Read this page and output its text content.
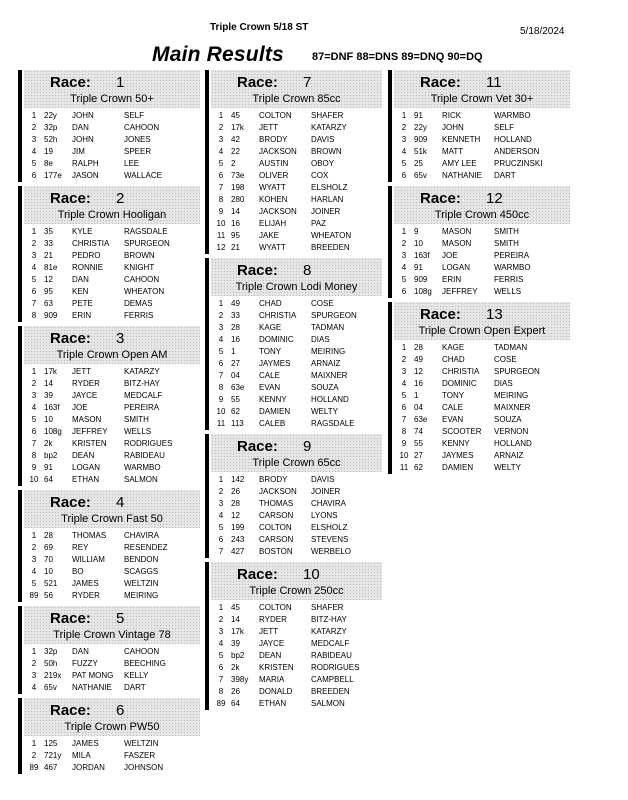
Triple Crown 5/18 ST	5/18/2024
Main Results	87=DNF 88=DNS 89=DNQ 90=DQ
Race: 1
Triple Crown 50+
1	22y	JOHN	SELF
2	32p	DAN	CAHOON
3	52h	JOHN	JONES
4	19	JIM	SPEER
5	8e	RALPH	LEE
6	177e	JASON	WALLACE
Race: 2
Triple Crown Hooligan
1	35	KYLE	RAGSDALE
2	33	CHRISTIA	SPURGEON
3	21	PEDRO	BROWN
4	81e	RONNIE	KNIGHT
5	12	DAN	CAHOON
6	95	KEN	WHEATON
7	63	PETE	DEMAS
8	909	ERIN	FERRIS
Race: 3
Triple Crown Open AM
1	17k	JETT	KATARZY
2	14	RYDER	BITZ-HAY
3	39	JAYCE	MEDCALF
4	163f	JOE	PEREIRA
5	10	MASON	SMITH
6	108g	JEFFREY	WELLS
7	2k	KRISTEN	RODRIGUES
8	bp2	DEAN	RABIDEAU
9	91	LOGAN	WARMBO
10	64	ETHAN	SALMON
Race: 4
Triple Crown Fast 50
1	28	THOMAS	CHAVIRA
2	69	REY	RESENDEZ
3	70	WILLIAM	BENDON
4	10	BO	SCAGGS
5	521	JAMES	WELTZIN
89	56	RYDER	MEIRING
Race: 5
Triple Crown Vintage 78
1	32p	DAN	CAHOON
2	50h	FUZZY	BEECHING
3	219x	PAT MONG	KELLY
4	65v	NATHANIE	DART
Race: 6
Triple Crown PW50
1	125	JAMES	WELTZIN
2	721y	MILA	FASZER
89	467	JORDAN	JOHNSON
Race: 7
Triple Crown 85cc
1	45	COLTON	SHAFER
2	17k	JETT	KATARZY
3	42	BRODY	DAVIS
4	22	JACKSON	BROWN
5	2	AUSTIN	OBOY
6	73e	OLIVER	COX
7	198	WYATT	ELSHOLZ
8	280	KOHEN	HARLAN
9	14	JACKSON	JOINER
10	16	ELIJAH	PAZ
11	95	JAKE	WHEATON
12	21	WYATT	BREEDEN
Race: 8
Triple Crown Lodi Money
1	49	CHAD	COSE
2	33	CHRISTIA	SPURGEON
3	28	KAGE	TADMAN
4	16	DOMINIC	DIAS
5	1	TONY	MEIRING
6	27	JAYMES	ARNAIZ
7	04	CALE	MAIXNER
8	63e	EVAN	SOUZA
9	55	KENNY	HOLLAND
10	62	DAMIEN	WELTY
11	113	CALEB	RAGSDALE
Race: 9
Triple Crown 65cc
1	142	BRODY	DAVIS
2	26	JACKSON	JOINER
3	28	THOMAS	CHAVIRA
4	12	CARSON	LYONS
5	199	COLTON	ELSHOLZ
6	243	CARSON	STEVENS
7	427	BOSTON	WERBELO
Race: 10
Triple Crown 250cc
1	45	COLTON	SHAFER
2	14	RYDER	BITZ-HAY
3	17k	JETT	KATARZY
4	39	JAYCE	MEDCALF
5	bp2	DEAN	RABIDEAU
6	2k	KRISTEN	RODRIGUES
7	398y	MARIA	CAMPBELL
8	26	DONALD	BREEDEN
89	64	ETHAN	SALMON
Race: 11
Triple Crown Vet 30+
1	91	RICK	WARMBO
2	22y	JOHN	SELF
3	909	KENNETH	HOLLAND
4	51k	MATT	ANDERSON
5	25	AMY LEE	PRUCZINSKI
6	65v	NATHANIE	DART
Race: 12
Triple Crown 450cc
1	9	MASON	SMITH
2	10	MASON	SMITH
3	163f	JOE	PEREIRA
4	91	LOGAN	WARMBO
5	909	ERIN	FERRIS
6	108g	JEFFREY	WELLS
Race: 13
Triple Crown Open Expert
1	28	KAGE	TADMAN
2	49	CHAD	COSE
3	12	CHRISTIA	SPURGEON
4	16	DOMINIC	DIAS
5	1	TONY	MEIRING
6	04	CALE	MAIXNER
7	63e	EVAN	SOUZA
8	74	SCOOTER	VERNON
9	55	KENNY	HOLLAND
10	27	JAYMES	ARNAIZ
11	62	DAMIEN	WELTY
